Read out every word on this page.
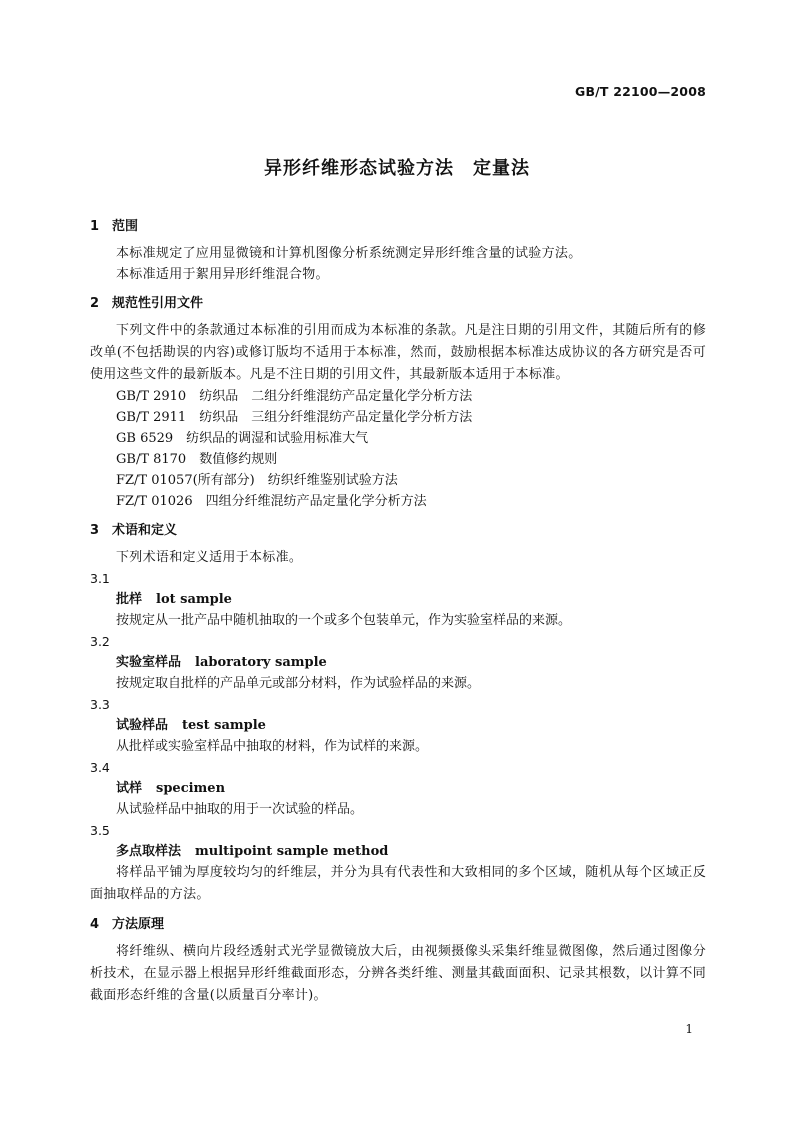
GB/T 22100—2008
异形纤维形态试验方法　定量法
1 范围
本标准规定了应用显微镜和计算机图像分析系统测定异形纤维含量的试验方法。
本标准适用于絮用异形纤维混合物。
2 规范性引用文件
下列文件中的条款通过本标准的引用而成为本标准的条款。凡是注日期的引用文件，其随后所有的修改单(不包括勘误的内容)或修订版均不适用于本标准，然而，鼓励根据本标准达成协议的各方研究是否可使用这些文件的最新版本。凡是不注日期的引用文件，其最新版本适用于本标准。
GB/T 2910　纺织品　二组分纤维混纺产品定量化学分析方法
GB/T 2911　纺织品　三组分纤维混纺产品定量化学分析方法
GB 6529　纺织品的调湿和试验用标准大气
GB/T 8170　数值修约规则
FZ/T 01057(所有部分)　纺织纤维鉴别试验方法
FZ/T 01026　四组分纤维混纺产品定量化学分析方法
3 术语和定义
下列术语和定义适用于本标准。
3.1
批样 lot sample
按规定从一批产品中随机抽取的一个或多个包装单元，作为实验室样品的来源。
3.2
实验室样品 laboratory sample
按规定取自批样的产品单元或部分材料，作为试验样品的来源。
3.3
试验样品 test sample
从批样或实验室样品中抽取的材料，作为试样的来源。
3.4
试样 specimen
从试验样品中抽取的用于一次试验的样品。
3.5
多点取样法 multipoint sample method
将样品平铺为厚度较均匀的纤维层，并分为具有代表性和大致相同的多个区域，随机从每个区域正反面抽取样品的方法。
4 方法原理
将纤维纵、横向片段经透射式光学显微镜放大后，由视频摄像头采集纤维显微图像，然后通过图像分析技术，在显示器上根据异形纤维截面形态，分辨各类纤维、测量其截面面积、记录其根数，以计算不同截面形态纤维的含量(以质量百分率计)。
1
